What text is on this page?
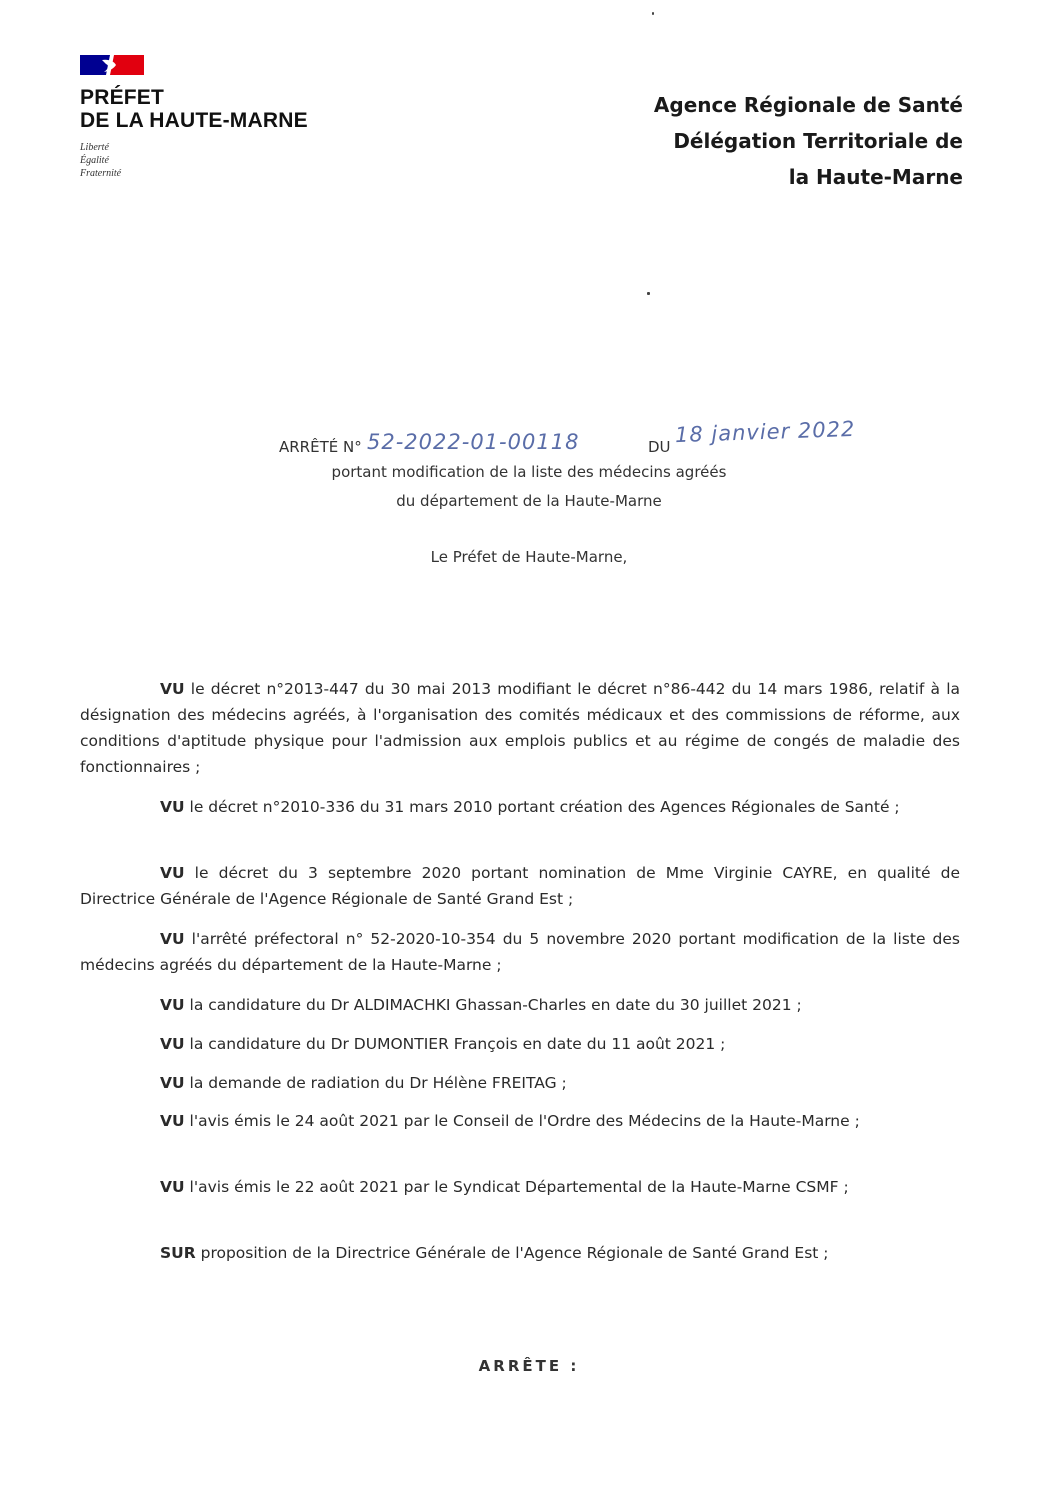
PRÉFET
DE LA HAUTE-MARNE
Liberté
Égalité
Fraternité
Agence Régionale de Santé
Délégation Territoriale de
la Haute-Marne
ARRÊTÉ N° 52-2022-01-00118	DU 18 janvier 2022
portant modification de la liste des médecins agréés
du département de la Haute-Marne
Le Préfet de Haute-Marne,
VU le décret n°2013-447 du 30 mai 2013 modifiant le décret n°86-442 du 14 mars 1986, relatif à la désignation des médecins agréés, à l'organisation des comités médicaux et des commissions de réforme, aux conditions d'aptitude physique pour l'admission aux emplois publics et au régime de congés de maladie des fonctionnaires ;
VU le décret n°2010-336 du 31 mars 2010 portant création des Agences Régionales de Santé ;
VU le décret du 3 septembre 2020 portant nomination de Mme Virginie CAYRE, en qualité de Directrice Générale de l'Agence Régionale de Santé Grand Est ;
VU l'arrêté préfectoral n° 52-2020-10-354 du 5 novembre 2020 portant modification de la liste des médecins agréés du département de la Haute-Marne ;
VU la candidature du Dr ALDIMACHKI Ghassan-Charles en date du 30 juillet 2021 ;
VU la candidature du Dr DUMONTIER François en date du 11 août 2021 ;
VU la demande de radiation du Dr Hélène FREITAG ;
VU l'avis émis le 24 août 2021 par le Conseil de l'Ordre des Médecins de la Haute-Marne ;
VU l'avis émis le 22 août 2021 par le Syndicat Départemental de la Haute-Marne CSMF ;
SUR proposition de la Directrice Générale de l'Agence Régionale de Santé Grand Est ;
ARRÊTE :
